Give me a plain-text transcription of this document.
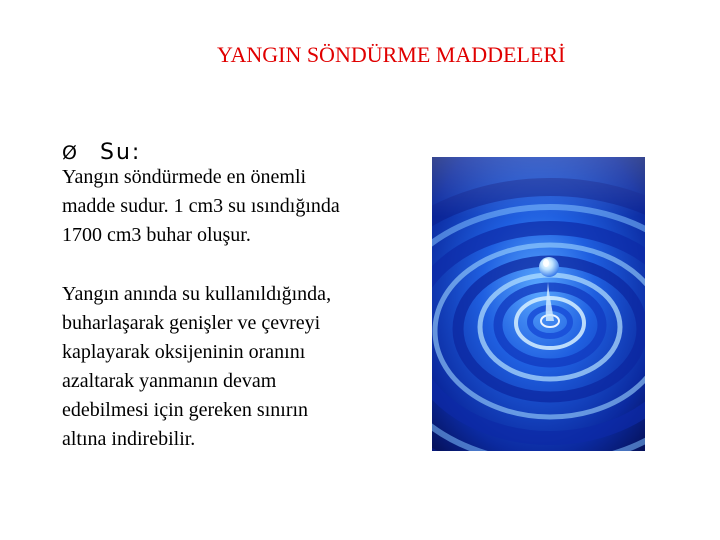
YANGIN SÖNDÜRME MADDELERİ
Ø Su:

Yangın söndürmede en önemli
madde sudur. 1 cm3 su ısındığında
1700 cm3 buhar oluşur.

Yangın anında su kullanıldığında,
buharlaşarak genişler ve çevreyi
kaplayarak oksijeninin oranını
azaltarak yanmanın devam
edebilmesi için gereken sınırın
altına indirebilir.
